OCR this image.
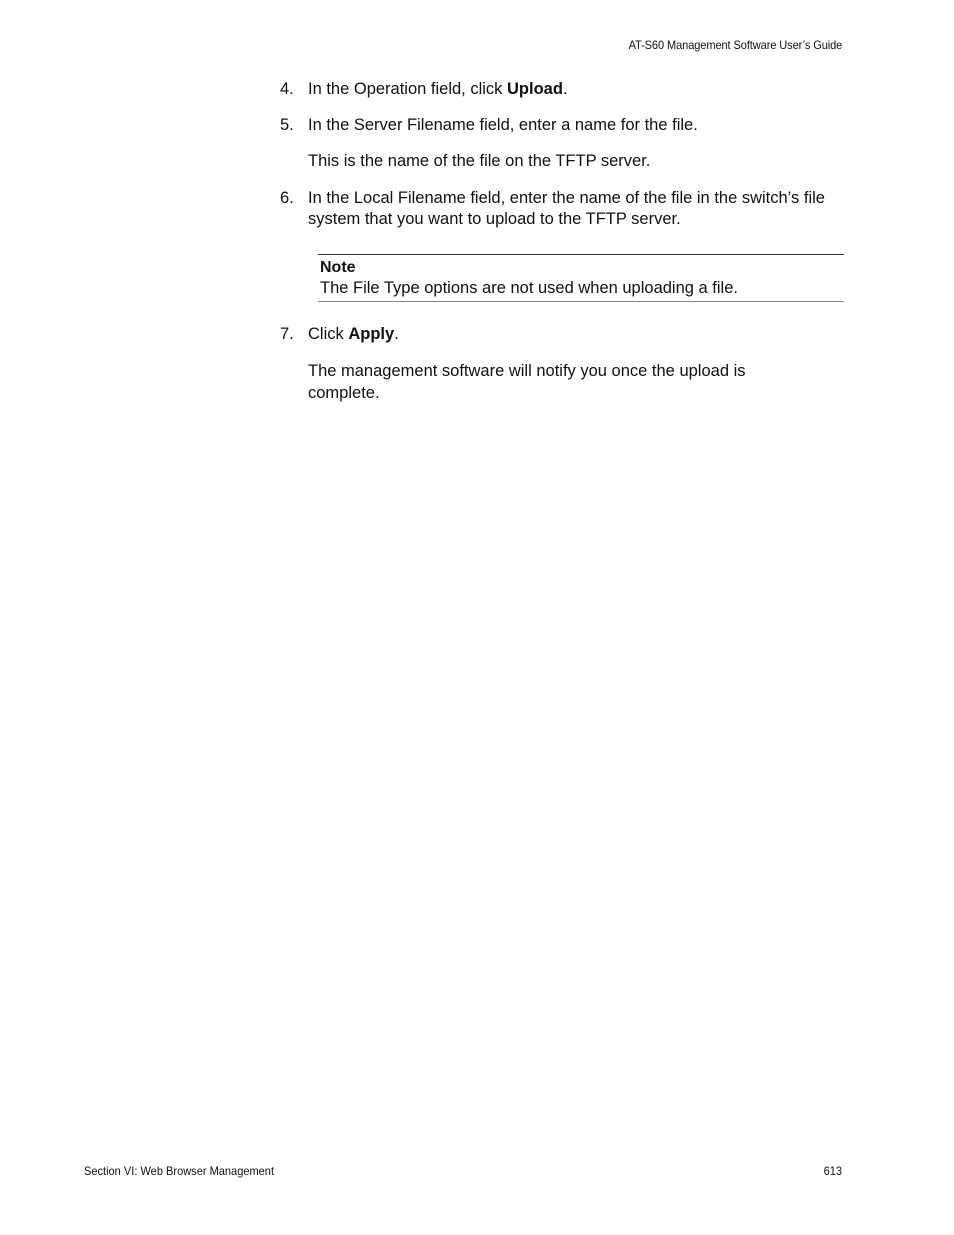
AT-S60 Management Software User’s Guide
4. In the Operation field, click Upload.
5. In the Server Filename field, enter a name for the file.
This is the name of the file on the TFTP server.
6. In the Local Filename field, enter the name of the file in the switch’s file system that you want to upload to the TFTP server.
Note
The File Type options are not used when uploading a file.
7. Click Apply.
The management software will notify you once the upload is complete.
Section VI: Web Browser Management	613
